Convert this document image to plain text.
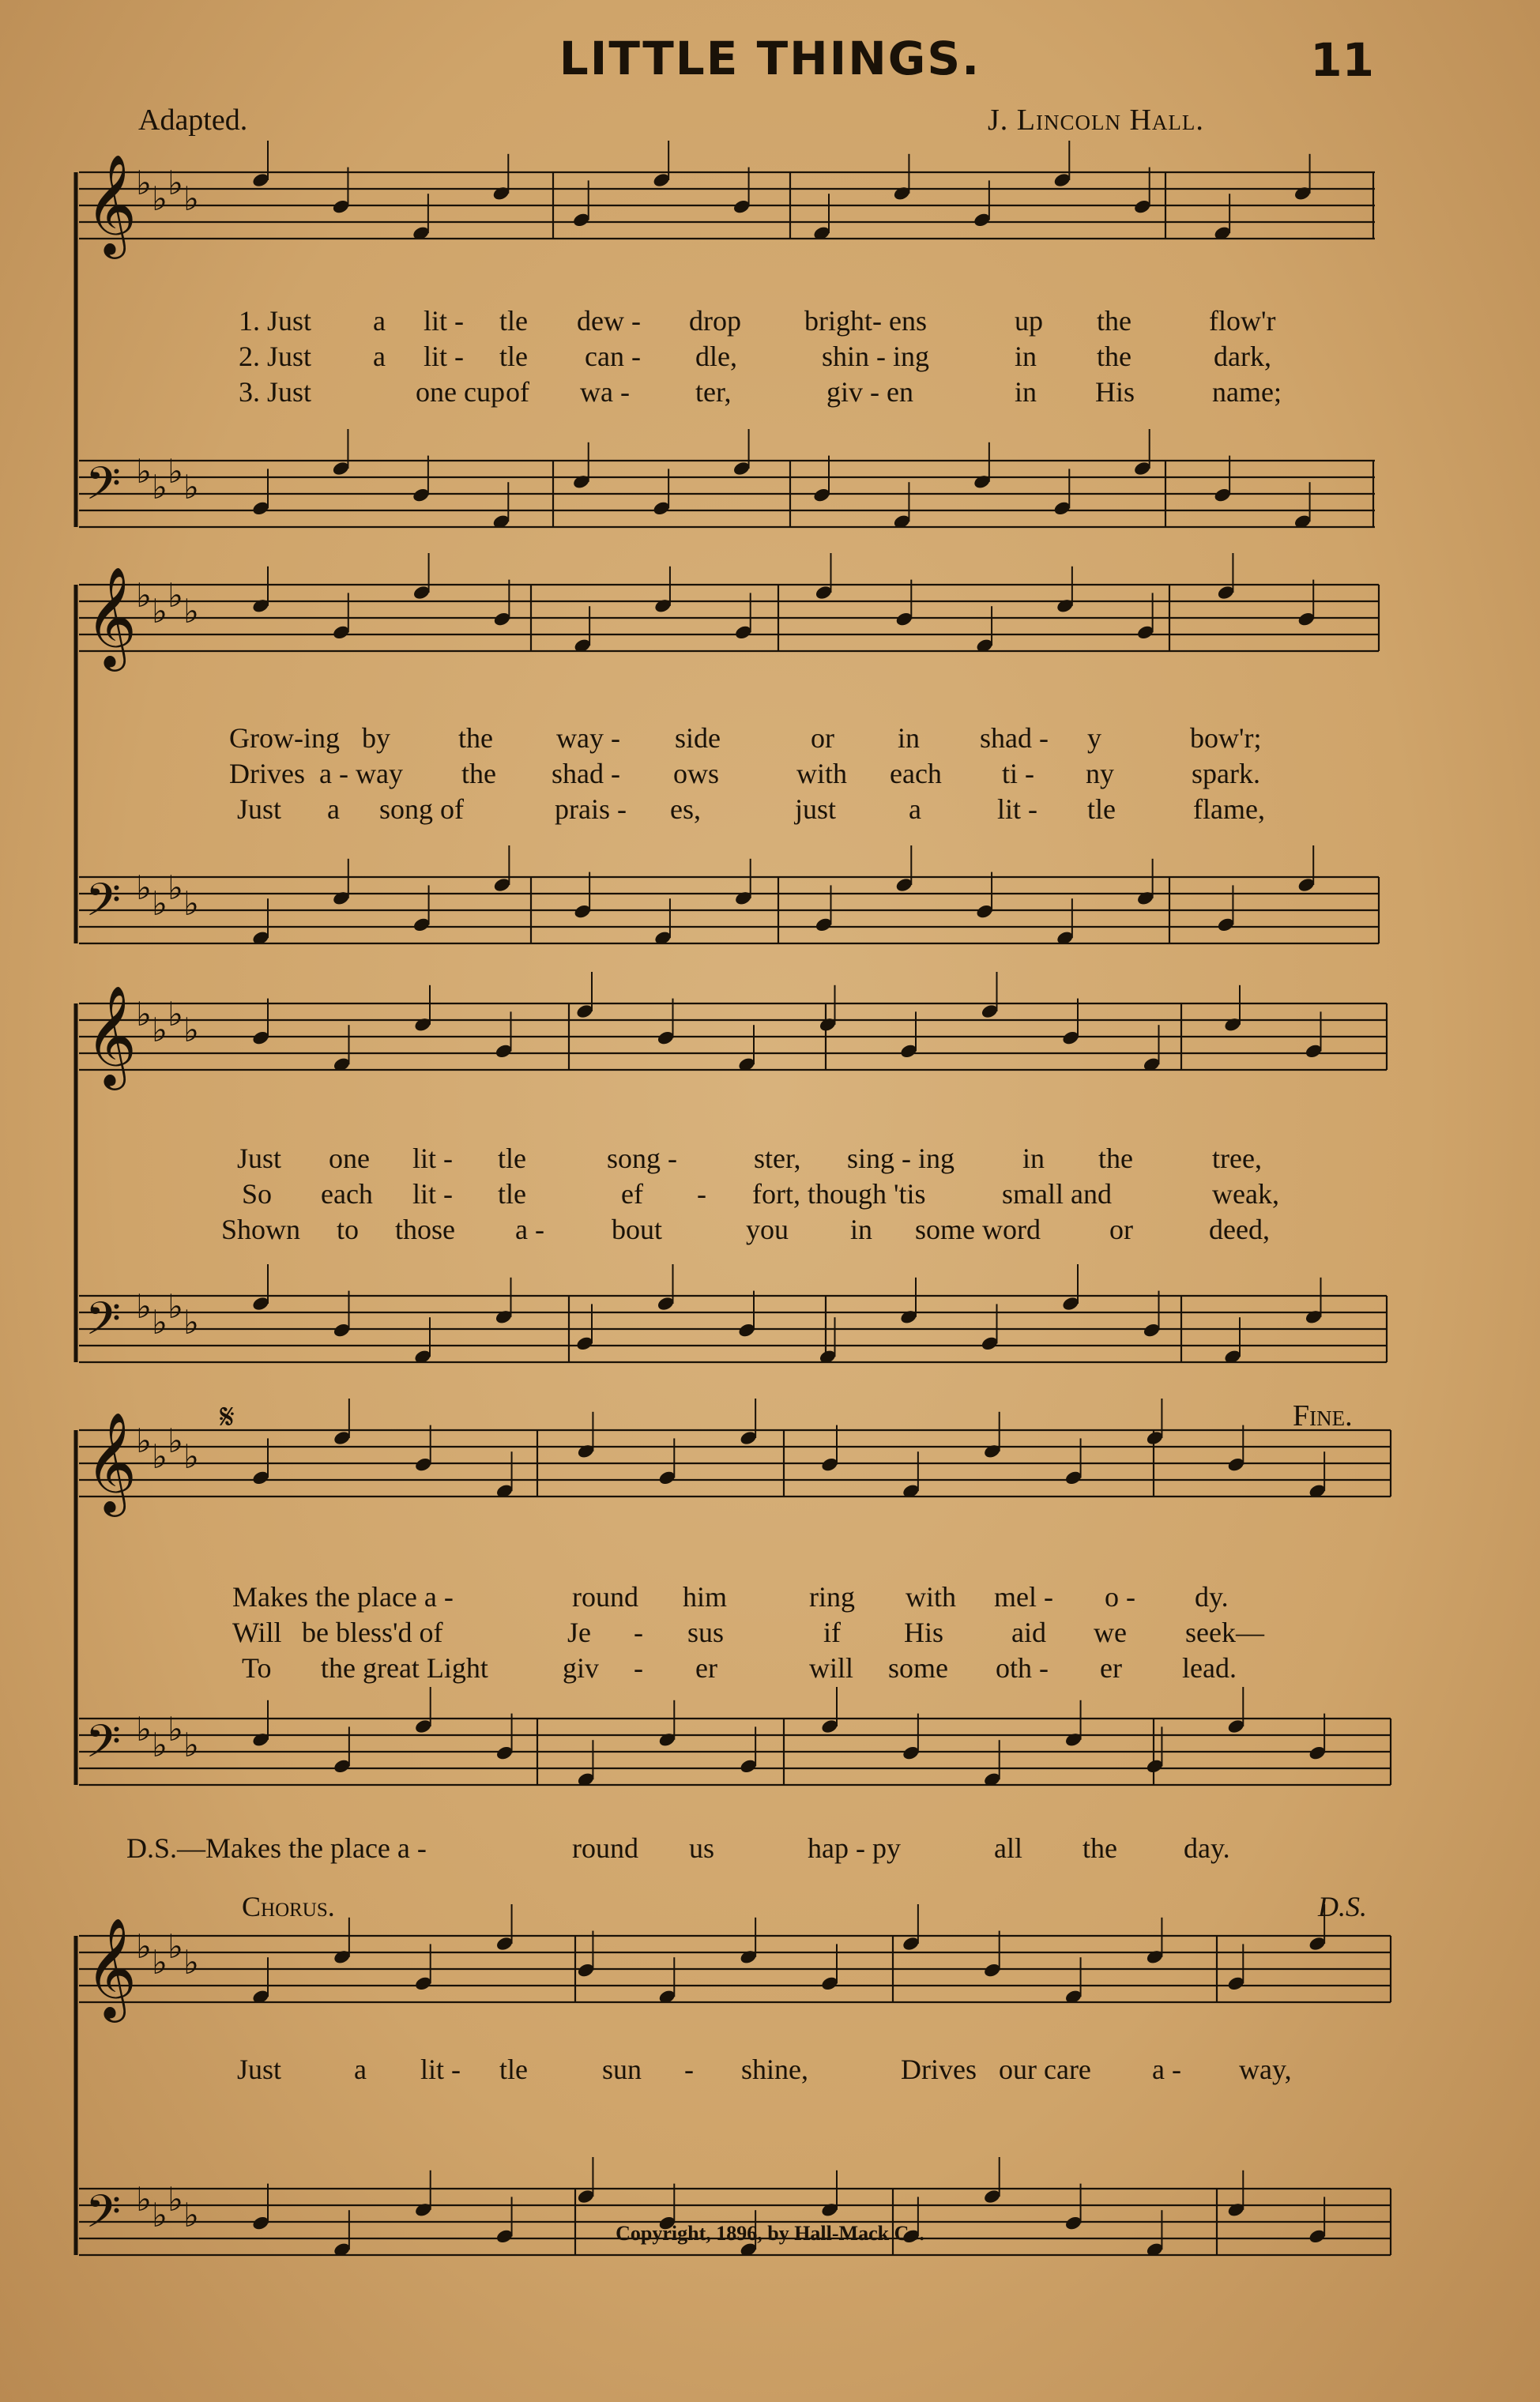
LITTLE THINGS.	11
Adapted.	J. Lincoln Hall.
𝄞
♭ ♭ ♭ ♭
𝄢 ♭ ♭ ♭ ♭
𝄞
♭ ♭ ♭ ♭
𝄢 ♭ ♭ ♭ ♭
𝄞
♭ ♭ ♭ ♭
𝄢 ♭ ♭ ♭ ♭
𝄞
♭ ♭ ♭ ♭
𝄢 ♭ ♭ ♭ ♭
𝄞
♭ ♭ ♭ ♭
𝄢 ♭ ♭ ♭ ♭
1. Just a lit - tle dew - drop bright- ens	up the	flow'r
2. Just a lit - tle can - dle,	shin - ing	in the	dark,
3. Just	one cup of wa - ter,	giv - en	in His	name;
Grow-ing by the way - side	or in shad - y	bow'r;
Drives a - way the shad - ows	with each ti - ny	spark.
Just a song of	prais - es,	just	a	lit - tle	flame,
Just one lit - tle	song -	ster, sing - ing in the	tree,
So each lit - tle	ef - fort, though 'tis	small and	weak,
Shown to those a - bout	you in some word or	deed,
𝄋	Fine.
Makes the place a -	round him	ring with mel - o - dy.
Will be bless'd of	Je - sus	if His aid we seek—
To the great Light	giv - er	will some oth - er lead.
D.S.—Makes the place a -	round us	hap - py	all the day.
Chorus.	D.S.
Just	a lit - tle	sun - shine,	Drives our care a - way,
Copyright, 1896, by Hall-Mack Co.
